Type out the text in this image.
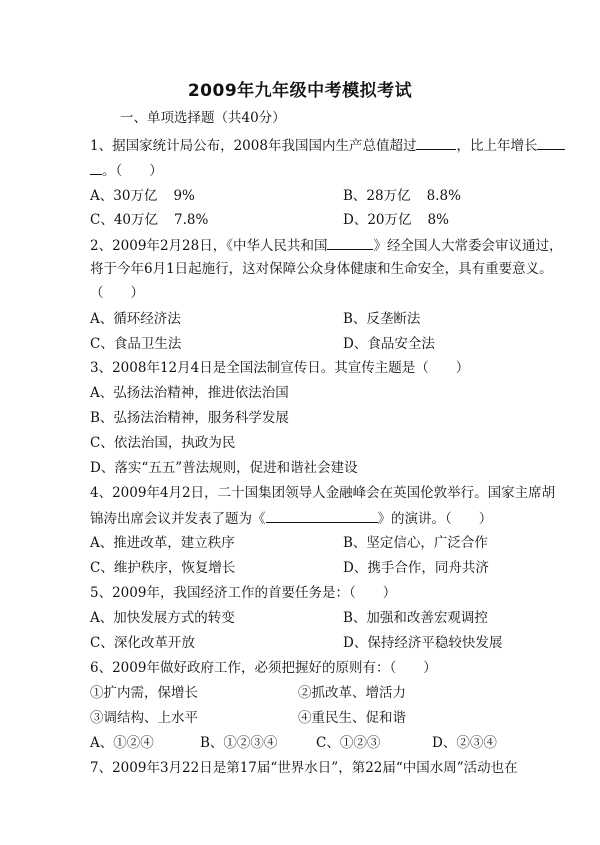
2009年九年级中考模拟考试
一、单项选择题（共40分）
1、据国家统计局公布，2008年我国国内生产总值超过	，比上年增长
。（　　）
A、30万亿 9%	B、28万亿 8.8%
C、40万亿 7.8%	D、20万亿 8%
2、2009年2月28日，《中华人民共和国	》经全国人大常委会审议通过，
将于今年6月1日起施行，这对保障公众身体健康和生命安全，具有重要意义。
（　　）
A、循环经济法	B、反垄断法
C、食品卫生法	D、食品安全法
3、2008年12月4日是全国法制宣传日。其宣传主题是（　　）
A、弘扬法治精神，推进依法治国
B、弘扬法治精神，服务科学发展
C、依法治国，执政为民
D、落实“五五”普法规则，促进和谐社会建设
4、2009年4月2日，二十国集团领导人金融峰会在英国伦敦举行。国家主席胡
锦涛出席会议并发表了题为《	》的演讲。（　　）
A、推进改革，建立秩序	B、坚定信心，广泛合作
C、维护秩序，恢复增长	D、携手合作，同舟共济
5、2009年，我国经济工作的首要任务是：（　　）
A、加快发展方式的转变	B、加强和改善宏观调控
C、深化改革开放	D、保持经济平稳较快发展
6、2009年做好政府工作，必须把握好的原则有：（　　）
①扩内需，保增长	②抓改革、增活力
③调结构、上水平	④重民生、促和谐
A、①②④	B、①②③④	C、①②③	D、②③④
7、2009年3月22日是第17届“世界水日”，第22届“中国水周”活动也在
